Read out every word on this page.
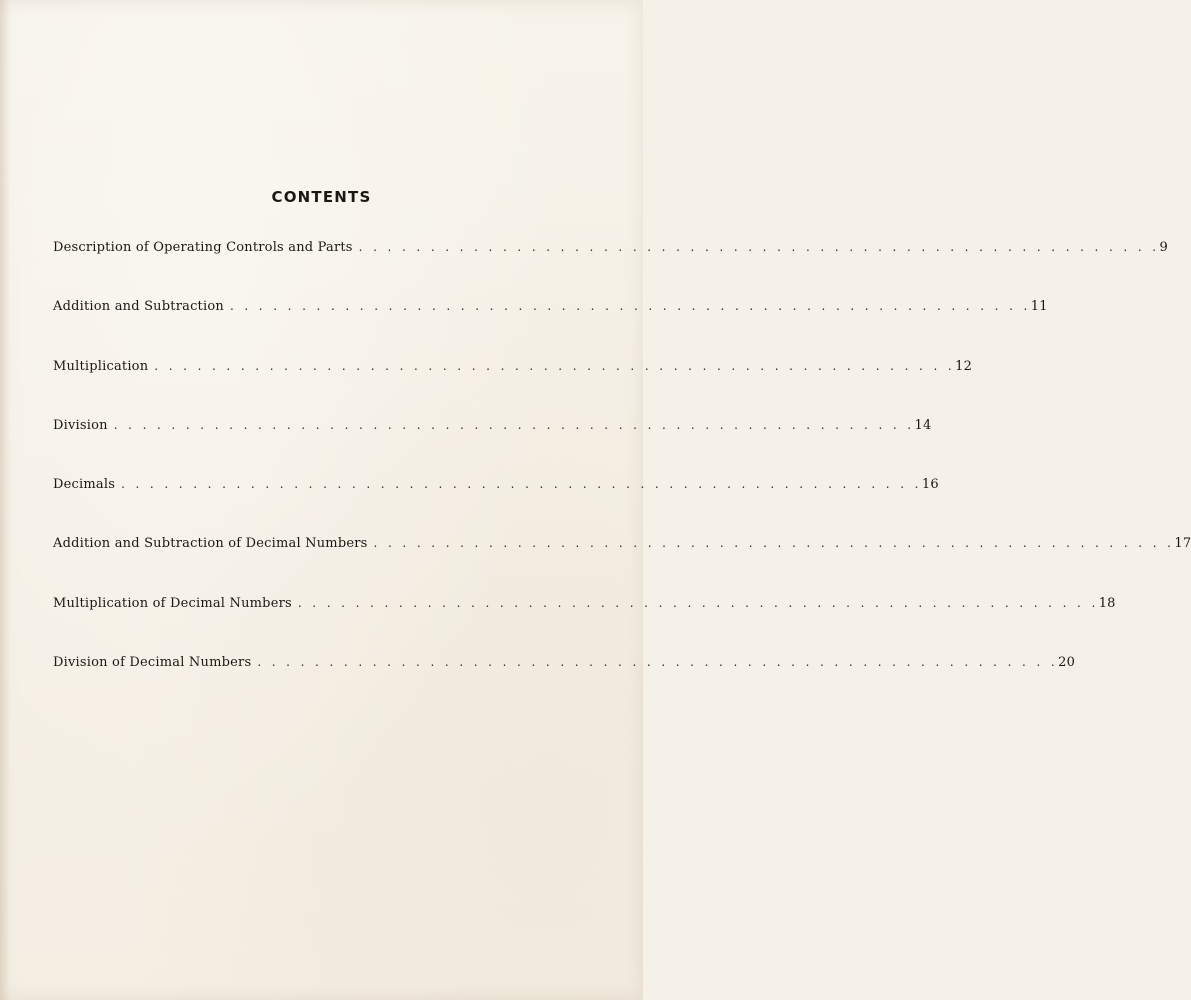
CONTENTS
Description of Operating Controls and Parts . . . . . . . . . . . . . . . . . . . . . . . . . . . . . . . . . . . . . . . . . . . . . . . . . . . . . . . . 9
Addition and Subtraction . . . . . . . . . . . . . . . . . . . . . . . . . . . . . . . . . . . . . . . . . . . . . . . . . . . . . . . . 11
Multiplication . . . . . . . . . . . . . . . . . . . . . . . . . . . . . . . . . . . . . . . . . . . . . . . . . . . . . . . . 12
Division . . . . . . . . . . . . . . . . . . . . . . . . . . . . . . . . . . . . . . . . . . . . . . . . . . . . . . . . 14
Decimals . . . . . . . . . . . . . . . . . . . . . . . . . . . . . . . . . . . . . . . . . . . . . . . . . . . . . . . . 16
Addition and Subtraction of Decimal Numbers . . . . . . . . . . . . . . . . . . . . . . . . . . . . . . . . . . . . . . . . . . . . . . . . . . . . . . . . 17
Multiplication of Decimal Numbers . . . . . . . . . . . . . . . . . . . . . . . . . . . . . . . . . . . . . . . . . . . . . . . . . . . . . . . . 18
Division of Decimal Numbers . . . . . . . . . . . . . . . . . . . . . . . . . . . . . . . . . . . . . . . . . . . . . . . . . . . . . . . . 20
